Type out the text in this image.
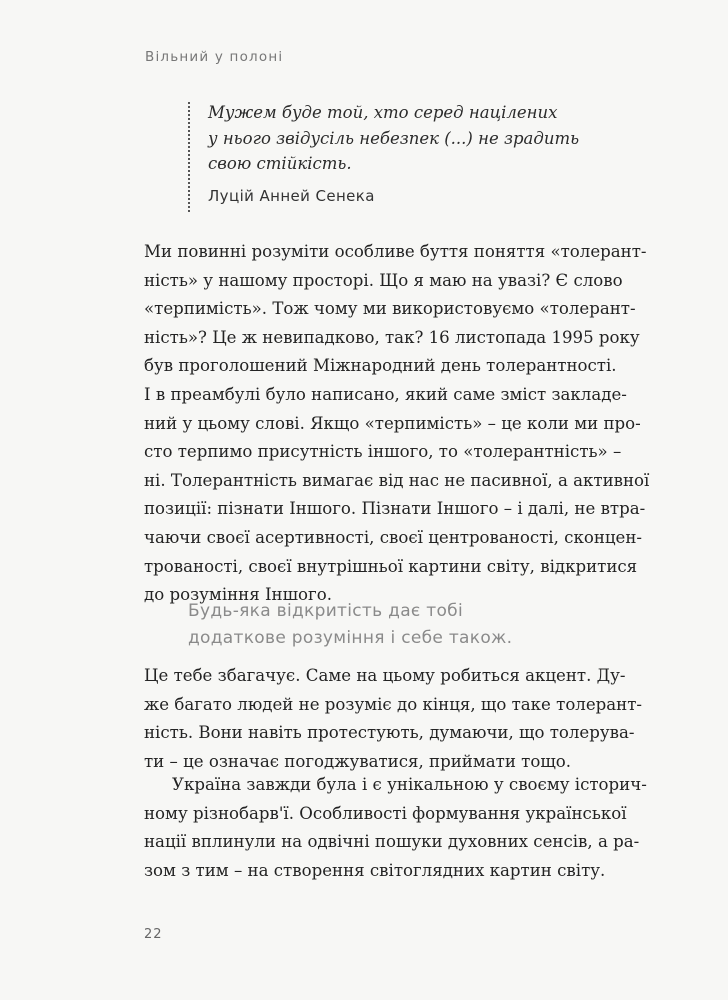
Вільний у полоні
Мужем буде той, хто серед націлених
у нього звідусіль небезпек (...) не зрадить
свою стійкість.
Луцій Анней Сенека
Ми повинні розуміти особливе буття поняття «толерант-
ність» у нашому просторі. Що я маю на увазі? Є слово
«терпимість». Тож чому ми використовуємо «толерант-
ність»? Це ж невипадково, так? 16 листопада 1995 року
був проголошений Міжнародний день толерантності.
І в преамбулі було написано, який саме зміст закладе-
ний у цьому слові. Якщо «терпимість» – це коли ми про-
сто терпимо присутність іншого, то «толерантність» –
ні. Толерантність вимагає від нас не пасивної, а активної
позиції: пізнати Іншого. Пізнати Іншого – і далі, не втра-
чаючи своєї асертивності, своєї центрованості, сконцен-
трованості, своєї внутрішньої картини світу, відкритися
до розуміння Іншого.
Будь-яка відкритість дає тобі
додаткове розуміння і себе також.
Це тебе збагачує. Саме на цьому робиться акцент. Ду-
же багато людей не розуміє до кінця, що таке толерант-
ність. Вони навіть протестують, думаючи, що толерува-
ти – це означає погоджуватися, приймати тощо.
Україна завжди була і є унікальною у своєму історич-
ному різнобарв'ї. Особливості формування української
нації вплинули на одвічні пошуки духовних сенсів, а ра-
зом з тим – на створення світоглядних картин світу.
22
